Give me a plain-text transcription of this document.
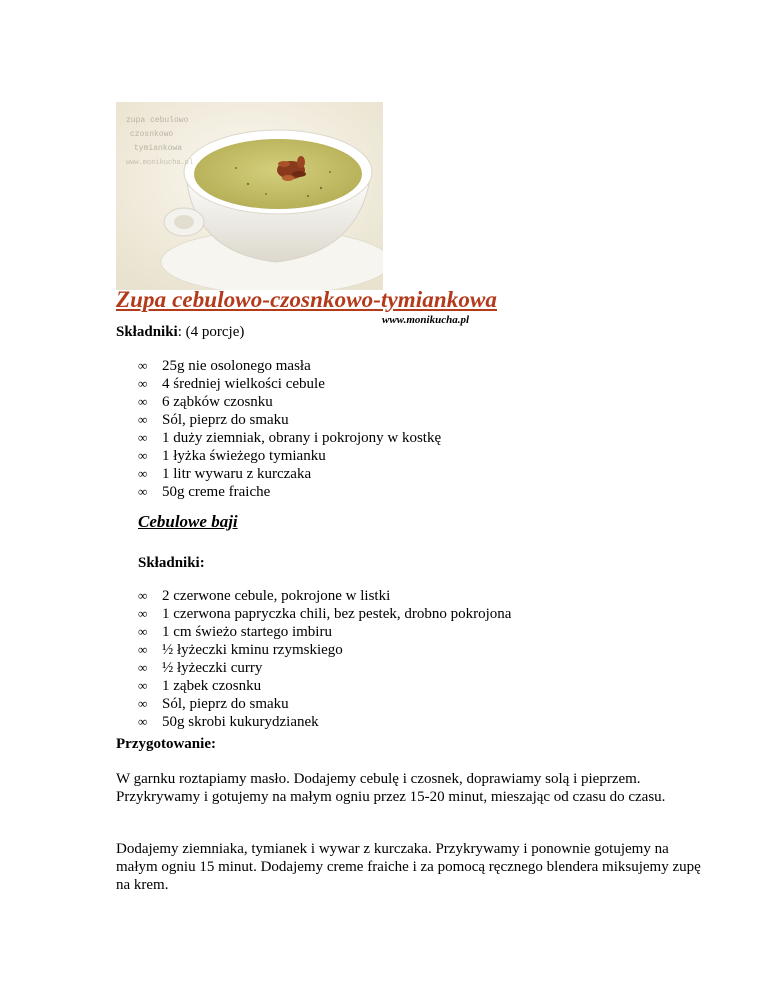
zupa cebulowo
czosnkowo
tymiankowa
www.monikucha.pl
Zupa cebulowo-czosnkowo-tymiankowa
www.monikucha.pl
Składniki: (4 porcje)
∞ 25g nie osolonego masła
∞ 4 średniej wielkości cebule
∞ 6 ząbków czosnku
∞ Sól, pieprz do smaku
∞ 1 duży ziemniak, obrany i pokrojony w kostkę
∞ 1 łyżka świeżego tymianku
∞ 1 litr wywaru z kurczaka
∞ 50g creme fraiche
Cebulowe baji
Składniki:
∞ 2 czerwone cebule, pokrojone w listki
∞ 1 czerwona papryczka chili, bez pestek, drobno pokrojona
∞ 1 cm świeżo startego imbiru
∞ ½ łyżeczki kminu rzymskiego
∞ ½ łyżeczki curry
∞ 1 ząbek czosnku
∞ Sól, pieprz do smaku
∞ 50g skrobi kukurydzianek
Przygotowanie:

W garnku roztapiamy masło. Dodajemy cebulę i czosnek, doprawiamy solą i pieprzem. Przykrywamy i gotujemy na małym ogniu przez 15-20 minut, mieszając od czasu do czasu.

Dodajemy ziemniaka, tymianek i wywar z kurczaka. Przykrywamy i ponownie gotujemy na małym ogniu 15 minut. Dodajemy creme fraiche i za pomocą ręcznego blendera miksujemy zupę na krem.
